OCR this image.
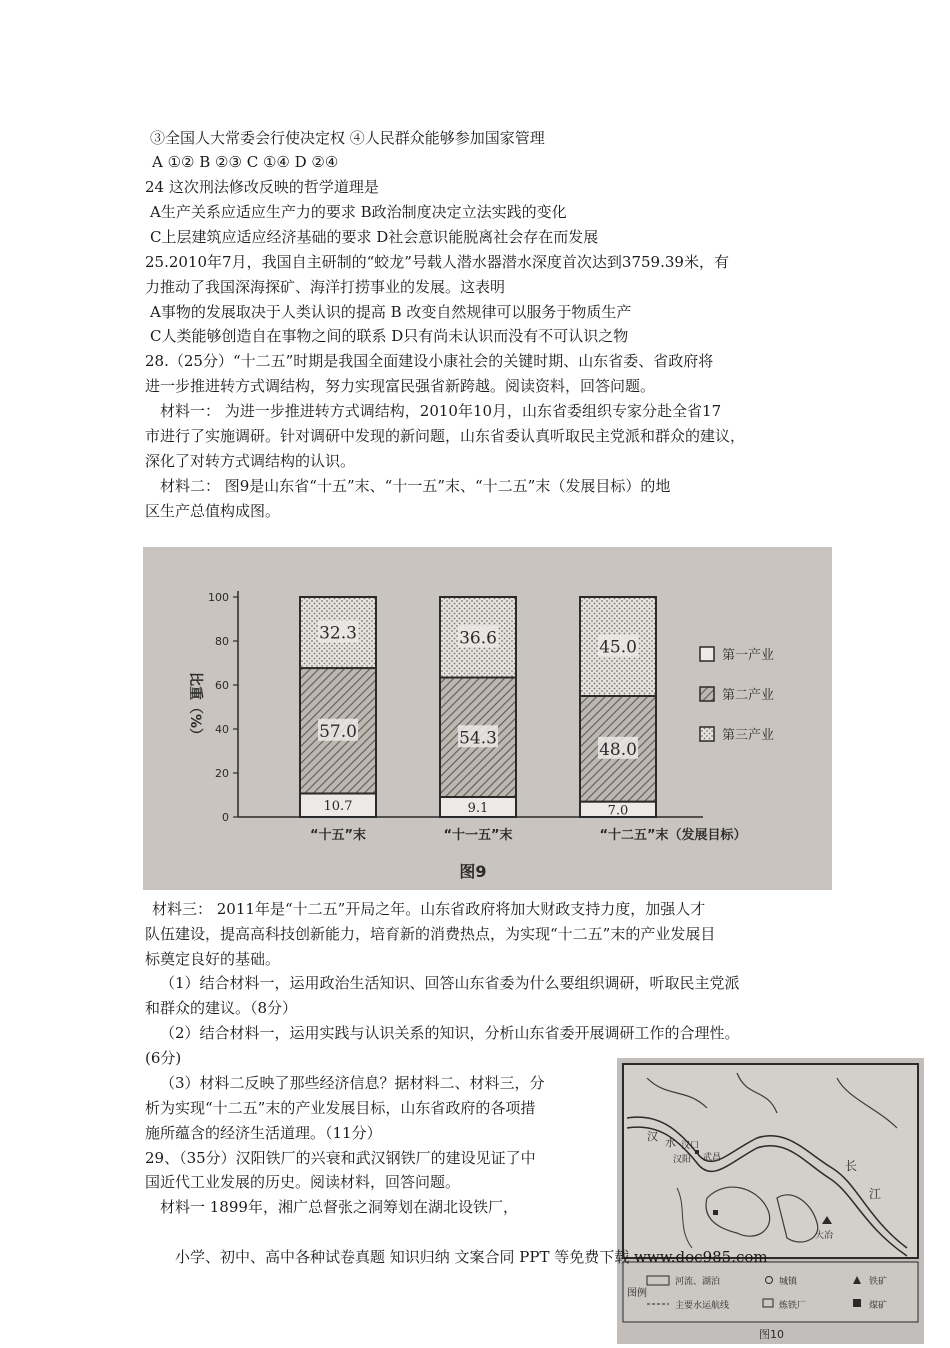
③全国人大常委会行使决定权 ④人民群众能够参加国家管理
A ①② B ②③ C ①④ D ②④
24 这次刑法修改反映的哲学道理是
A生产关系应适应生产力的要求 B政治制度决定立法实践的变化
C上层建筑应适应经济基础的要求 D社会意识能脱离社会存在而发展
25.2010年7月，我国自主研制的“蛟龙”号载人潜水器潜水深度首次达到3759.39米，有
力推动了我国深海探矿、海洋打捞事业的发展。这表明
A事物的发展取决于人类认识的提高 B 改变自然规律可以服务于物质生产
C人类能够创造自在事物之间的联系 D只有尚未认识而没有不可认识之物
28.（25分）“十二五”时期是我国全面建设小康社会的关键时期、山东省委、省政府将
进一步推进转方式调结构，努力实现富民强省新跨越。阅读资料，回答问题。
材料一： 为进一步推进转方式调结构，2010年10月，山东省委组织专家分赴全省17
市进行了实施调研。针对调研中发现的新问题，山东省委认真听取民主党派和群众的建议，
深化了对转方式调结构的认识。
材料二： 图9是山东省“十五”末、“十一五”末、“十二五”末（发展目标）的地
区生产总值构成图。
0
20
40
60
80
100
比重（%）
10.7
57.0
32.3
“十五”末
9.1
54.3
36.6
“十一五”末
7.0
48.0
45.0
“十二五”末（发展目标）
第一产业
第二产业
第三产业
图9
材料三： 2011年是“十二五”开局之年。山东省政府将加大财政支持力度，加强人才
队伍建设，提高高科技创新能力，培育新的消费热点，为实现“十二五”末的产业发展目
标奠定良好的基础。
（1）结合材料一，运用政治生活知识、回答山东省委为什么要组织调研，听取民主党派
和群众的建议。（8分）
（2）结合材料一，运用实践与认识关系的知识，分析山东省委开展调研工作的合理性。
(6分)
（3）材料二反映了那些经济信息？据材料二、材料三，分
析为实现“十二五”末的产业发展目标，山东省政府的各项措
施所蕴含的经济生活道理。（11分）
29、（35分）汉阳铁厂的兴衰和武汉钢铁厂的建设见证了中
国近代工业发展的历史。阅读材料，回答问题。
材料一 1899年，湘广总督张之洞筹划在湖北设铁厂，
汉 水
汉阳
汉口
武昌
长
江
大冶
图例
河流、湖泊	城镇	铁矿
主要水运航线	炼铁厂	煤矿
图10
小学、初中、高中各种试卷真题 知识归纳 文案合同 PPT 等免费下载 www.doc985.com
